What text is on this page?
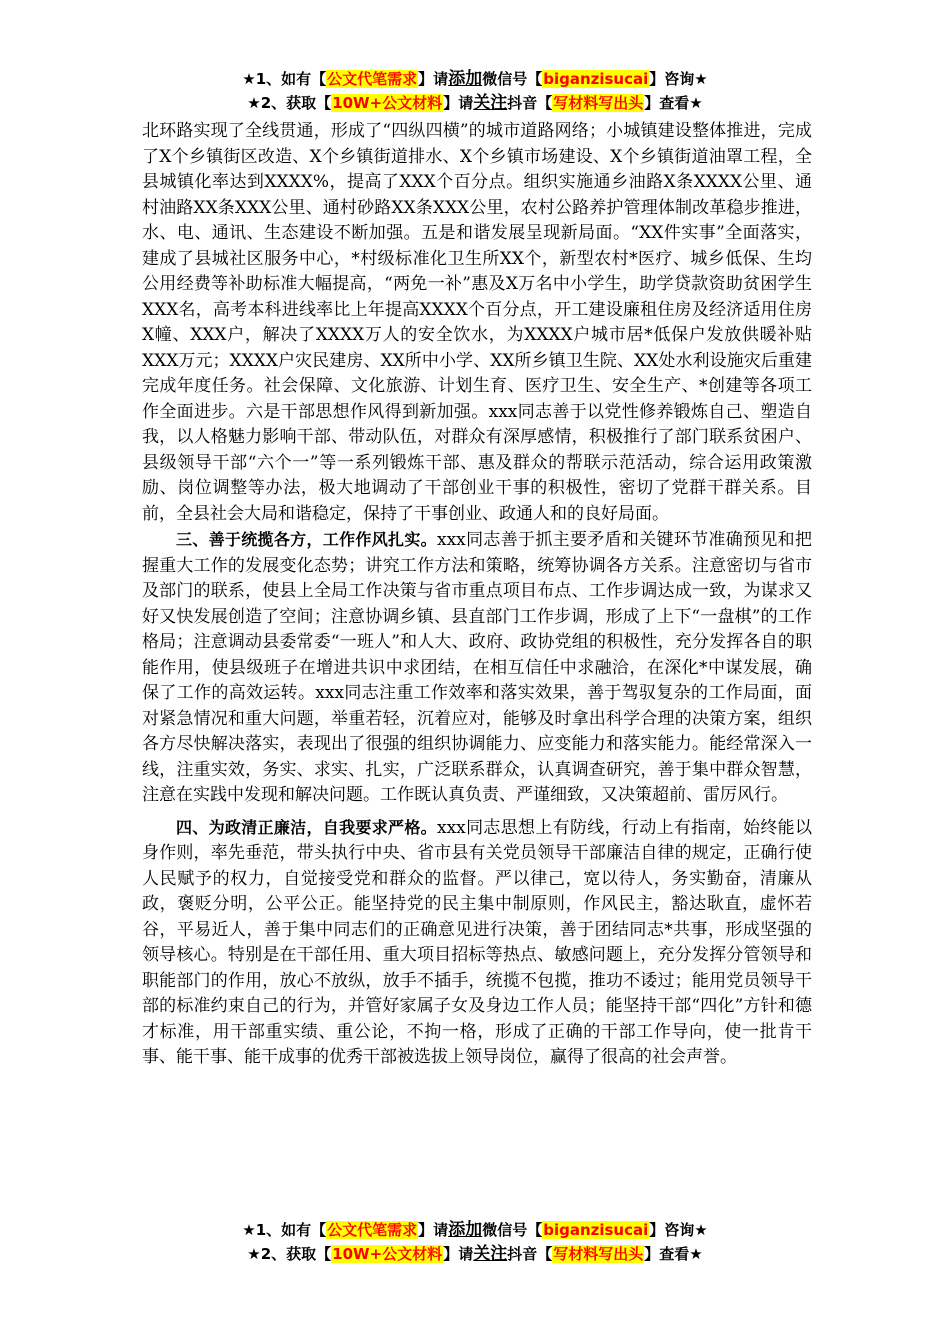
★1、如有【公文代笔需求】请添加微信号【biganzisucai】咨询★
★2、获取【10W+公文材料】请关注抖音【写材料写出头】查看★

北环路实现了全线贯通，形成了“四纵四横”的城市道路网络；小城镇建设整体推进，完成了X个乡镇街区改造、X个乡镇街道排水、X个乡镇市场建设、X个乡镇街道油罩工程，全县城镇化率达到XXXX%，提高了XXX个百分点。组织实施通乡油路X条XXXX公里、通村油路XX条XXX公里、通村砂路XX条XXX公里，农村公路养护管理体制改革稳步推进，水、电、通讯、生态建设不断加强。五是和谐发展呈现新局面。“XX件实事”全面落实，建成了县城社区服务中心，*村级标准化卫生所XX个，新型农村*医疗、城乡低保、生均公用经费等补助标准大幅提高，“两免一补”惠及X万名中小学生，助学贷款资助贫困学生XXX名，高考本科进线率比上年提高XXXX个百分点，开工建设廉租住房及经济适用住房X幢、XXX户，解决了XXXX万人的安全饮水，为XXXX户城市居*低保户发放供暖补贴XXX万元；XXXX户灾民建房、XX所中小学、XX所乡镇卫生院、XX处水利设施灾后重建完成年度任务。社会保障、文化旅游、计划生育、医疗卫生、安全生产、*创建等各项工作全面进步。六是干部思想作风得到新加强。xxx同志善于以党性修养锻炼自己、塑造自我，以人格魅力影响干部、带动队伍，对群众有深厚感情，积极推行了部门联系贫困户、县级领导干部“六个一”等一系列锻炼干部、惠及群众的帮联示范活动，综合运用政策激励、岗位调整等办法，极大地调动了干部创业干事的积极性，密切了党群干群关系。目前，全县社会大局和谐稳定，保持了干事创业、政通人和的良好局面。

三、善于统揽各方，工作作风扎实。xxx同志善于抓主要矛盾和关键环节准确预见和把握重大工作的发展变化态势；讲究工作方法和策略，统筹协调各方关系。注意密切与省市及部门的联系，使县上全局工作决策与省市重点项目布点、工作步调达成一致，为谋求又好又快发展创造了空间；注意协调乡镇、县直部门工作步调，形成了上下“一盘棋”的工作格局；注意调动县委常委“一班人”和人大、政府、政协党组的积极性，充分发挥各自的职能作用，使县级班子在增进共识中求团结，在相互信任中求融洽，在深化*中谋发展，确保了工作的高效运转。xxx同志注重工作效率和落实效果，善于驾驭复杂的工作局面，面对紧急情况和重大问题，举重若轻，沉着应对，能够及时拿出科学合理的决策方案，组织各方尽快解决落实，表现出了很强的组织协调能力、应变能力和落实能力。能经常深入一线，注重实效，务实、求实、扎实，广泛联系群众，认真调查研究，善于集中群众智慧，注意在实践中发现和解决问题。工作既认真负责、严谨细致，又决策超前、雷厉风行。

四、为政清正廉洁，自我要求严格。xxx同志思想上有防线，行动上有指南，始终能以身作则，率先垂范，带头执行中央、省市县有关党员领导干部廉洁自律的规定，正确行使人民赋予的权力，自觉接受党和群众的监督。严以律己，宽以待人，务实勤奋，清廉从政，褒贬分明，公平公正。能坚持党的民主集中制原则，作风民主，豁达耿直，虚怀若谷，平易近人，善于集中同志们的正确意见进行决策，善于团结同志*共事，形成坚强的领导核心。特别是在干部任用、重大项目招标等热点、敏感问题上，充分发挥分管领导和职能部门的作用，放心不放纵，放手不插手，统揽不包揽，推功不诿过；能用党员领导干部的标准约束自己的行为，并管好家属子女及身边工作人员；能坚持干部“四化”方针和德才标准，用干部重实绩、重公论，不拘一格，形成了正确的干部工作导向，使一批肯干事、能干事、能干成事的优秀干部被选拔上领导岗位，赢得了很高的社会声誉。

★1、如有【公文代笔需求】请添加微信号【biganzisucai】咨询★
★2、获取【10W+公文材料】请关注抖音【写材料写出头】查看★
